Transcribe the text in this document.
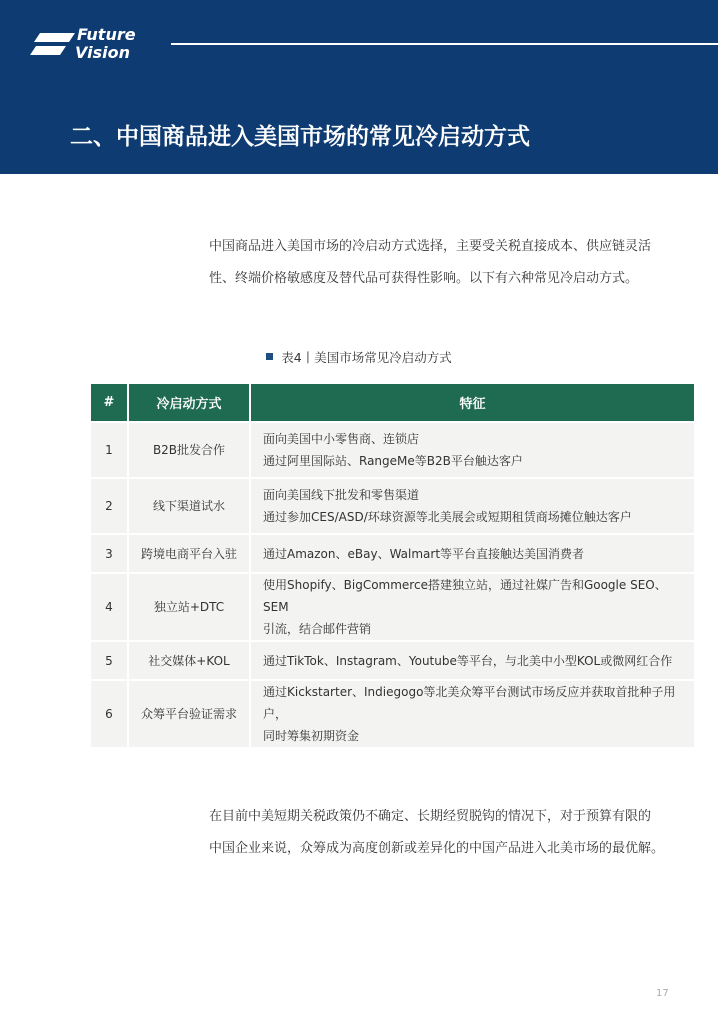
Future
Vision
二、中国商品进入美国市场的常见冷启动方式
中国商品进入美国市场的冷启动方式选择，主要受关税直接成本、供应链灵活
性、终端价格敏感度及替代品可获得性影响。以下有六种常见冷启动方式。
表4丨美国市场常见冷启动方式
#	冷启动方式	特征
1	B2B批发合作	面向美国中小零售商、连锁店
通过阿里国际站、RangeMe等B2B平台触达客户

2	线下渠道试水	面向美国线下批发和零售渠道
通过参加CES/ASD/环球资源等北美展会或短期租赁商场摊位触达客户

3	跨境电商平台入驻	通过Amazon、eBay、Walmart等平台直接触达美国消费者

4	独立站+DTC	使用Shopify、BigCommerce搭建独立站，通过社媒广告和Google SEO、SEM
引流，结合邮件营销

5	社交媒体+KOL	通过TikTok、Instagram、Youtube等平台，与北美中小型KOL或微网红合作

6	众筹平台验证需求	通过Kickstarter、Indiegogo等北美众筹平台测试市场反应并获取首批种子用户，
同时筹集初期资金
在目前中美短期关税政策仍不确定、长期经贸脱钩的情况下，对于预算有限的
中国企业来说，众筹成为高度创新或差异化的中国产品进入北美市场的最优解。
17
